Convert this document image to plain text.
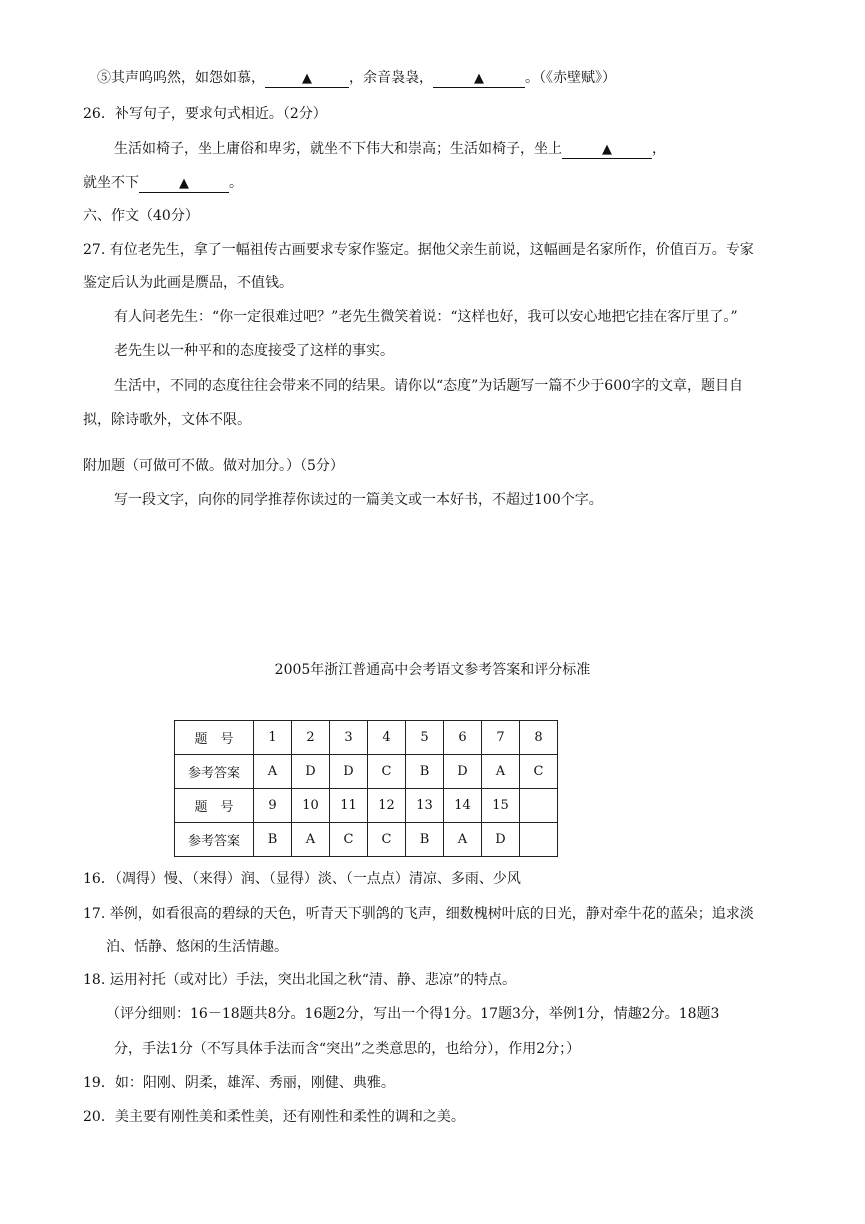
⑤其声呜呜然，如怨如慕，	▲	，余音袅袅，	▲	。（《赤壁赋》）
26．补写句子，要求句式相近。（2分）
生活如椅子，坐上庸俗和卑劣，就坐不下伟大和崇高；生活如椅子，坐上	▲	，
就坐不下	▲	。
六、作文（40分）
27. 有位老先生，拿了一幅祖传古画要求专家作鉴定。据他父亲生前说，这幅画是名家所作，价值百万。专家
鉴定后认为此画是赝品，不值钱。
有人问老先生：“你一定很难过吧？”老先生微笑着说：“这样也好，我可以安心地把它挂在客厅里了。”
老先生以一种平和的态度接受了这样的事实。
生活中，不同的态度往往会带来不同的结果。请你以“态度”为话题写一篇不少于600字的文章，题目自
拟，除诗歌外，文体不限。
附加题（可做可不做。做对加分。）（5分）
写一段文字，向你的同学推荐你读过的一篇美文或一本好书，不超过100个字。
2005年浙江普通高中会考语文参考答案和评分标准
题　号	1	2	3	4	5	6	7	8
参考答案	A	D	D	C	B	D	A	C
题　号	9	10	11	12	13	14	15	
参考答案	B	A	C	C	B	A	D	
16．（凋得）慢、（来得）润、（显得）淡、（一点点）清凉、多雨、少风
17. 举例，如看很高的碧绿的天色，听青天下驯鸽的飞声，细数槐树叶底的日光，静对牵牛花的蓝朵；追求淡
泊、恬静、悠闲的生活情趣。
18. 运用衬托（或对比）手法，突出北国之秋“清、静、悲凉”的特点。
（评分细则：16－18题共8分。16题2分，写出一个得1分。17题3分，举例1分，情趣2分。18题3
分，手法1分（不写具体手法而含“突出”之类意思的，也给分），作用2分；）
19．如：阳刚、阴柔，雄浑、秀丽，刚健、典雅。
20．美主要有刚性美和柔性美，还有刚性和柔性的调和之美。
